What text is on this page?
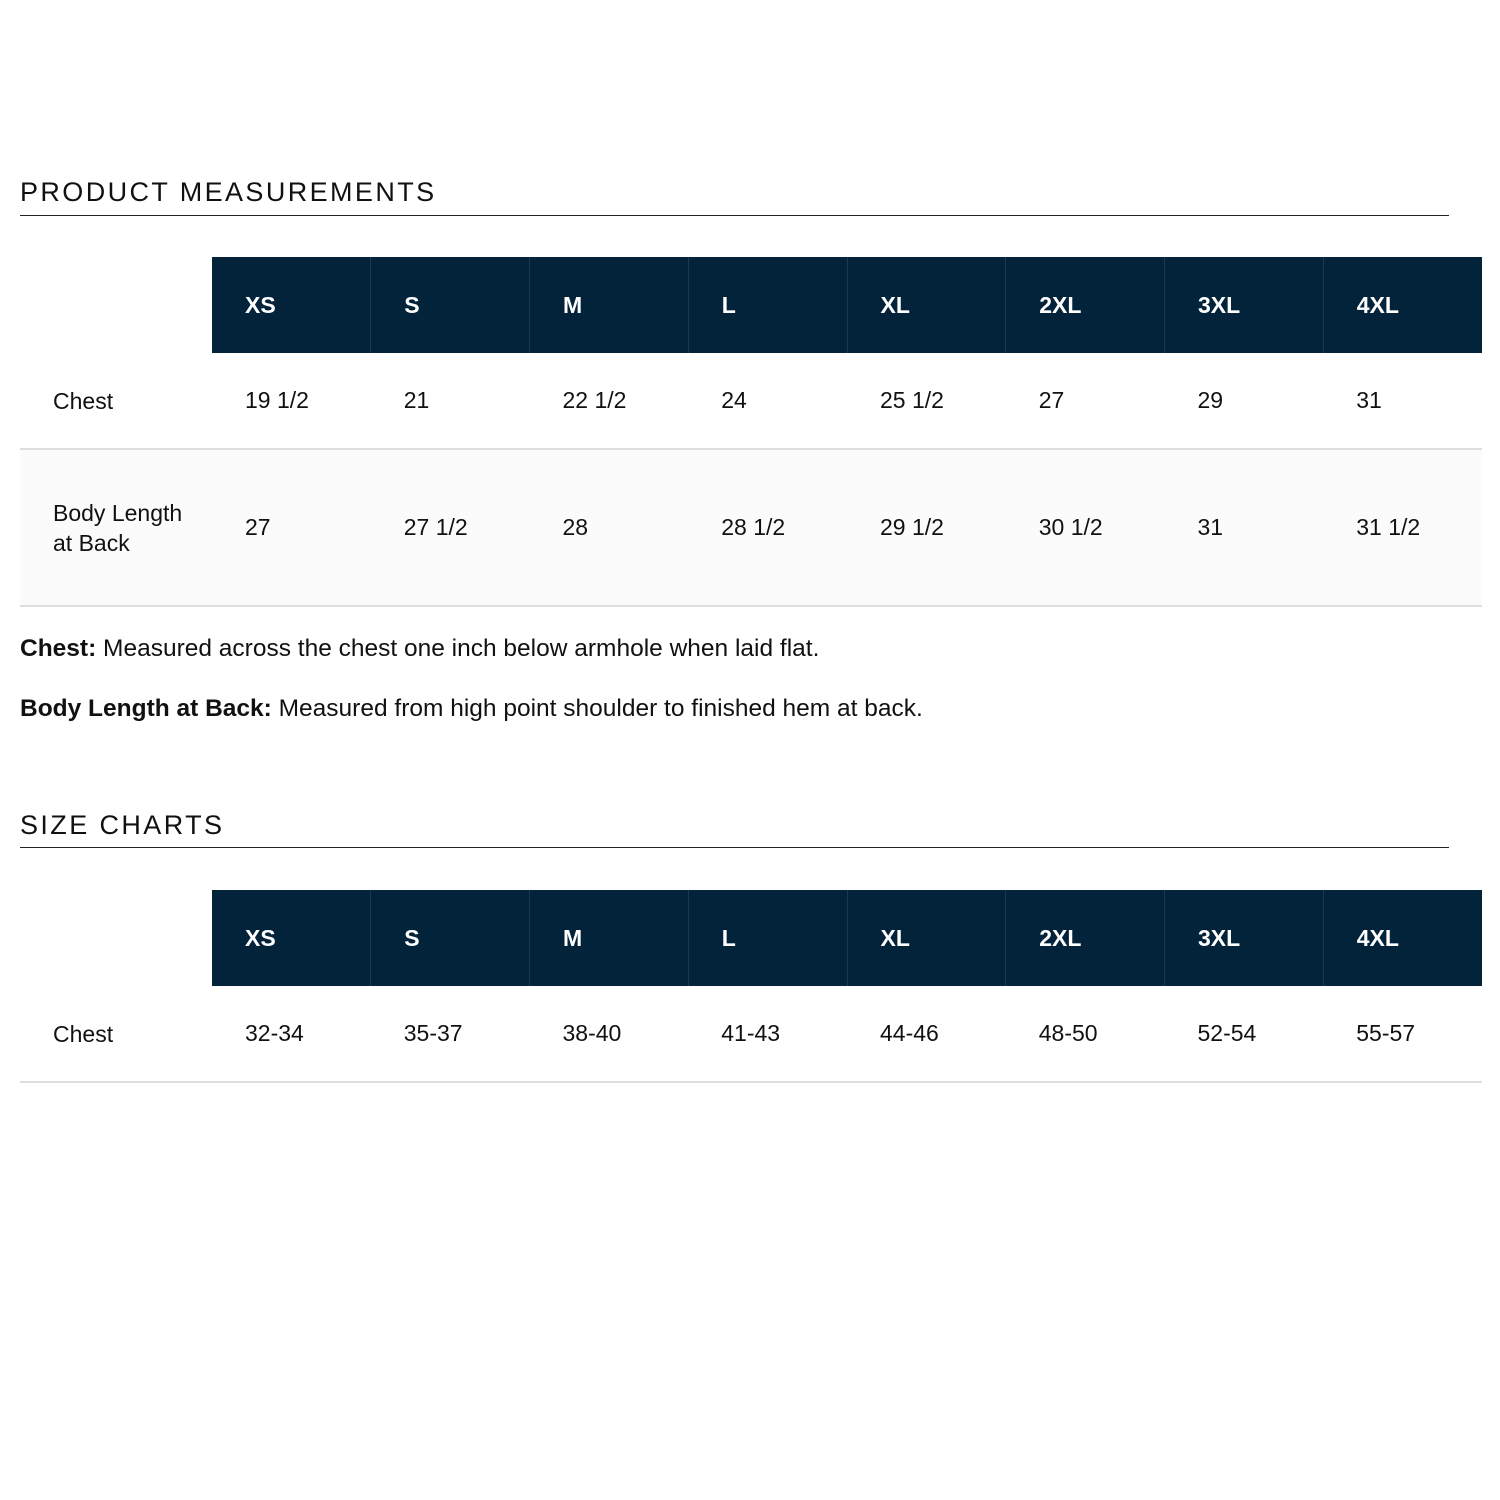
PRODUCT MEASUREMENTS
	XS	S	M	L	XL	2XL	3XL	4XL
Chest	19 1/2	21	22 1/2	24	25 1/2	27	29	31
Body Length at Back	27	27 1/2	28	28 1/2	29 1/2	30 1/2	31	31 1/2
Chest: Measured across the chest one inch below armhole when laid flat.
Body Length at Back: Measured from high point shoulder to finished hem at back.
SIZE CHARTS
	XS	S	M	L	XL	2XL	3XL	4XL
Chest	32-34	35-37	38-40	41-43	44-46	48-50	52-54	55-57
